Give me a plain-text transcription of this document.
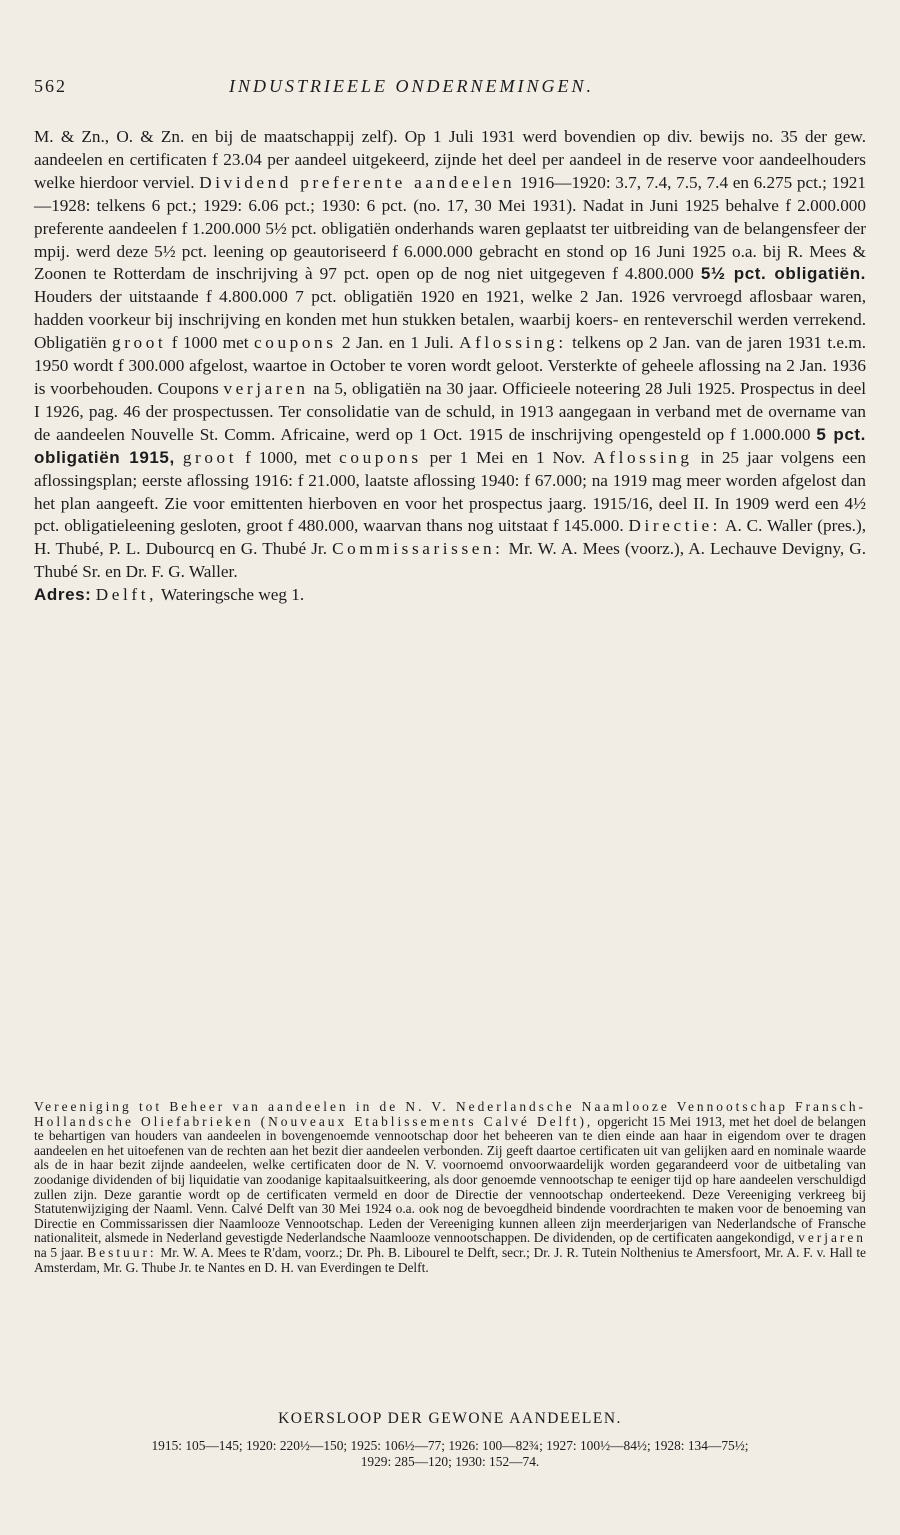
562	INDUSTRIEELE ONDERNEMINGEN.

M. & Zn., O. & Zn. en bij de maatschappij zelf). Op 1 Juli 1931 werd bovendien op div. bewijs no. 35 der gew. aandeelen en certificaten f 23.04 per aandeel uitgekeerd, zijnde het deel per aandeel in de reserve voor aandeelhouders welke hierdoor verviel. Dividend preferente aandeelen 1916—1920: 3.7, 7.4, 7.5, 7.4 en 6.275 pct.; 1921—1928: telkens 6 pct.; 1929: 6.06 pct.; 1930: 6 pct. (no. 17, 30 Mei 1931). Nadat in Juni 1925 behalve f 2.000.000 preferente aandeelen f 1.200.000 5½ pct. obligatiën onderhands waren geplaatst ter uitbreiding van de belangensfeer der mpij. werd deze 5½ pct. leening op geautoriseerd f 6.000.000 gebracht en stond op 16 Juni 1925 o.a. bij R. Mees & Zoonen te Rotterdam de inschrijving à 97 pct. open op de nog niet uitgegeven f 4.800.000 5½ pct. obligatiën. Houders der uitstaande f 4.800.000 7 pct. obligatiën 1920 en 1921, welke 2 Jan. 1926 vervroegd aflosbaar waren, hadden voorkeur bij inschrijving en konden met hun stukken betalen, waarbij koers- en renteverschil werden verrekend. Obligatiën groot f 1000 met coupons 2 Jan. en 1 Juli. Aflossing: telkens op 2 Jan. van de jaren 1931 t.e.m. 1950 wordt f 300.000 afgelost, waartoe in October te voren wordt geloot. Versterkte of geheele aflossing na 2 Jan. 1936 is voorbehouden. Coupons verjaren na 5, obligatiën na 30 jaar. Officieele noteering 28 Juli 1925. Prospectus in deel I 1926, pag. 46 der prospectussen. Ter consolidatie van de schuld, in 1913 aangegaan in verband met de overname van de aandeelen Nouvelle St. Comm. Africaine, werd op 1 Oct. 1915 de inschrijving opengesteld op f 1.000.000 5 pct. obligatiën 1915, groot f 1000, met coupons per 1 Mei en 1 Nov. Aflossing in 25 jaar volgens een aflossingsplan; eerste aflossing 1916: f 21.000, laatste aflossing 1940: f 67.000; na 1919 mag meer worden afgelost dan het plan aangeeft. Zie voor emittenten hierboven en voor het prospectus jaarg. 1915/16, deel II. In 1909 werd een 4½ pct. obligatieleening gesloten, groot f 480.000, waarvan thans nog uitstaat f 145.000. Directie: A. C. Waller (pres.), H. Thubé, P. L. Dubourcq en G. Thubé Jr. Commissarissen: Mr. W. A. Mees (voorz.), A. Lechauve Devigny, G. Thubé Sr. en Dr. F. G. Waller.
Adres: Delft, Wateringsche weg 1.

Vereeniging tot Beheer van aandeelen in de N. V. Nederlandsche Naamlooze Vennootschap Fransch-Hollandsche Oliefabrieken (Nouveaux Etablissements Calvé Delft), opgericht 15 Mei 1913, met het doel de belangen te behartigen van houders van aandeelen in bovengenoemde vennootschap door het beheeren van te dien einde aan haar in eigendom over te dragen aandeelen en het uitoefenen van de rechten aan het bezit dier aandeelen verbonden. Zij geeft daartoe certificaten uit van gelijken aard en nominale waarde als de in haar bezit zijnde aandeelen, welke certificaten door de N. V. voornoemd onvoorwaardelijk worden gegarandeerd voor de uitbetaling van zoodanige dividenden of bij liquidatie van zoodanige kapitaalsuitkeering, als door genoemde vennootschap te eeniger tijd op hare aandeelen verschuldigd zullen zijn. Deze garantie wordt op de certificaten vermeld en door de Directie der vennootschap onderteekend. Deze Vereeniging verkreeg bij Statutenwijziging der Naaml. Venn. Calvé Delft van 30 Mei 1924 o.a. ook nog de bevoegdheid bindende voordrachten te maken voor de benoeming van Directie en Commissarissen dier Naamlooze Vennootschap. Leden der Vereeniging kunnen alleen zijn meerderjarigen van Nederlandsche of Fransche nationaliteit, alsmede in Nederland gevestigde Nederlandsche Naamlooze vennootschappen. De dividenden, op de certificaten aangekondigd, verjaren na 5 jaar. Bestuur: Mr. W. A. Mees te R'dam, voorz.; Dr. Ph. B. Libourel te Delft, secr.; Dr. J. R. Tutein Nolthenius te Amersfoort, Mr. A. F. v. Hall te Amsterdam, Mr. G. Thube Jr. te Nantes en D. H. van Everdingen te Delft.

KOERSLOOP DER GEWONE AANDEELEN.

1915: 105—145; 1920: 220½—150; 1925: 106½—77; 1926: 100—82¾; 1927: 100½—84½; 1928: 134—75½;
1929: 285—120; 1930: 152—74.
